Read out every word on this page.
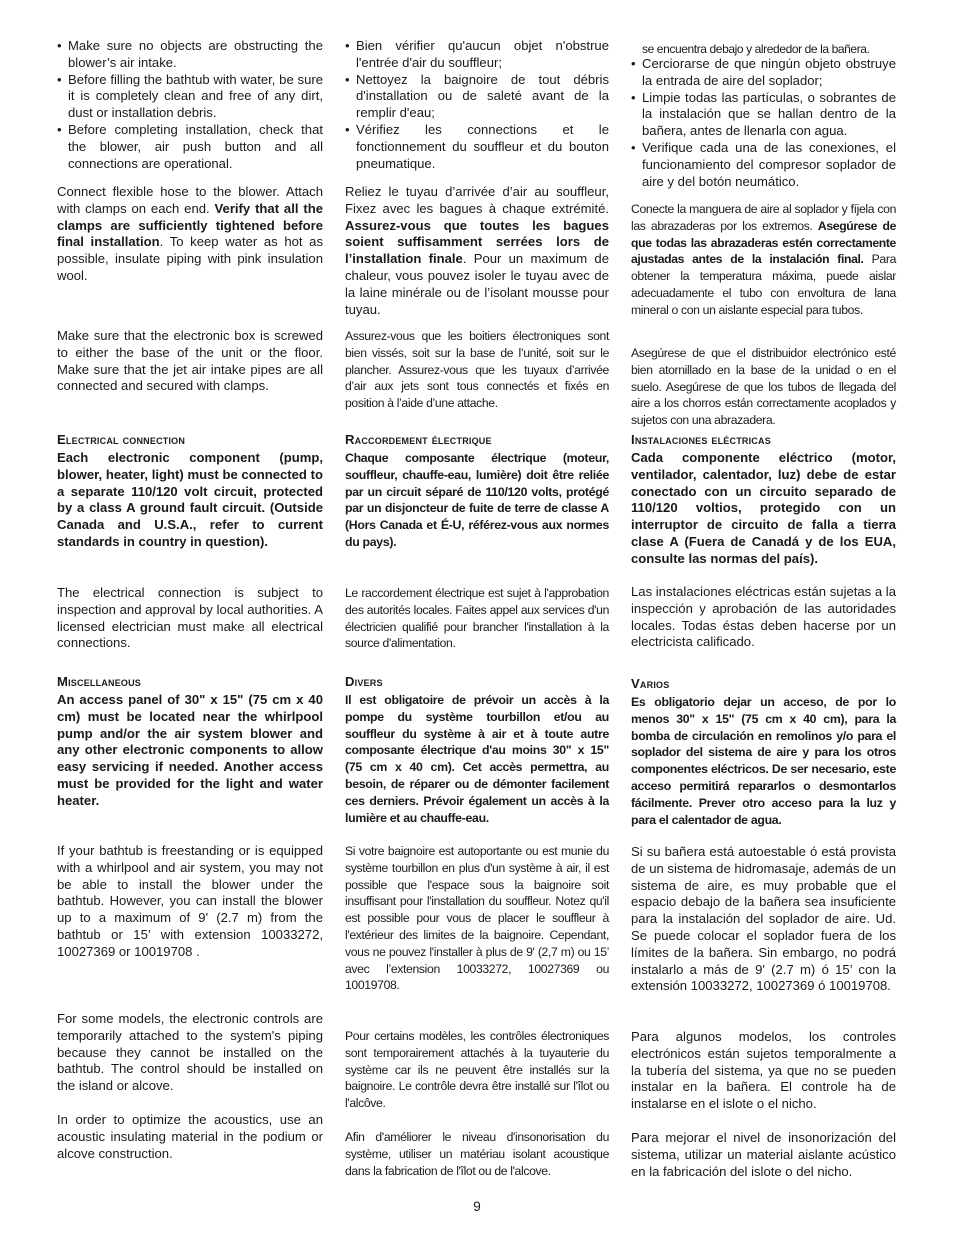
• Make sure no objects are obstructing the blower’s air intake.
• Before filling the bathtub with water, be sure it is completely clean and free of any dirt, dust or installation debris.
• Before completing installation, check that the blower, air push button and all connections are operational.

Connect flexible hose to the blower. Attach with clamps on each end. Verify that all the clamps are sufficiently tightened before final installation. To keep water as hot as possible, insulate piping with pink insulation wool.

Make sure that the electronic box is screwed to either the base of the unit or the floor. Make sure that the jet air intake pipes are all connected and secured with clamps.

Electrical connection

Each electronic component (pump, blower, heater, light) must be connected to a separate 110/120 volt circuit, protected by a class A ground fault circuit. (Outside Canada and U.S.A., refer to current standards in country in question).

The electrical connection is subject to inspection and approval by local authorities. A licensed electrician must make all electrical connections.

Miscellaneous

An access panel of 30" x 15" (75 cm x 40 cm) must be located near the whirlpool pump and/or the air system blower and any other electronic components to allow easy servicing if needed. Another access must be provided for the light and water heater.

If your bathtub is freestanding or is equipped with a whirlpool and air system, you may not be able to install the blower under the bathtub. However, you can install the blower up to a maximum of 9' (2.7 m) from the bathtub or 15’ with extension 10033272, 10027369 or 10019708 .

For some models, the electronic controls are temporarily attached to the system's piping because they cannot be installed on the bathtub. The control should be installed on the island or alcove.

In order to optimize the acoustics, use an acoustic insulating material in the podium or alcove construction.

• Bien vérifier qu'aucun objet n'obstrue l'entrée d'air du souffleur;
• Nettoyez la baignoire de tout débris d'installation ou de saleté avant de la remplir d'eau;
• Vérifiez les connections et le fonctionnement du souffleur et du bouton pneumatique.

Reliez le tuyau d’arrivée d’air au souffleur, Fixez avec les bagues à chaque extrémité. Assurez-vous que toutes les bagues soient suffisamment serrées lors de l’installation finale. Pour un maximum de chaleur, vous pouvez isoler le tuyau avec de la laine minérale ou de l’isolant mousse pour tuyau.

Assurez-vous que les boitiers électroniques sont bien vissés, soit sur la base de l’unité, soit sur le plancher. Assurez-vous que les tuyaux d’arrivée d’air aux jets sont tous connectés et fixés en position à l’aide d’une attache.

Raccordement électrique

Chaque composante électrique (moteur, souffleur, chauffe-eau, lumière) doit être reliée par un circuit séparé de 110/120 volts, protégé par un disjoncteur de fuite de terre de classe A (Hors Canada et É-U, référez-vous aux normes du pays).

Le raccordement électrique est sujet à l'approbation des autorités locales. Faites appel aux services d'un électricien qualifié pour brancher l'installation à la source d'alimentation.

Divers

Il est obligatoire de prévoir un accès à la pompe du système tourbillon et/ou au souffleur du système à air et à toute autre composante électrique d'au moins 30" x 15" (75 cm x 40 cm). Cet accès permettra, au besoin, de réparer ou de démonter facilement ces derniers. Prévoir également un accès à la lumière et au chauffe-eau.

Si votre baignoire est autoportante ou est munie du système tourbillon en plus d'un système à air, il est possible que l'espace sous la baignoire soit insuffisant pour l'installation du souffleur. Notez qu'il est possible pour vous de placer le souffleur à l'extérieur des limites de la baignoire. Cependant, vous ne pouvez l'installer à plus de 9' (2,7 m) ou 15’ avec l’extension 10033272, 10027369 ou 10019708.

Pour certains modèles, les contrôles électroniques sont temporairement attachés à la tuyauterie du système car ils ne peuvent être installés sur la baignoire. Le contrôle devra être installé sur l'îlot ou l'alcôve.

Afin d'améliorer le niveau d'insonorisation du système, utiliser un matériau isolant acoustique dans la fabrication de l'îlot ou de l'alcove.

se encuentra debajo y alrededor de la bañera.

• Cerciorarse de que ningún objeto obstruye la entrada de aire del soplador;
• Limpie todas las partículas, o sobrantes de la instalación que se hallan dentro de la bañera, antes de llenarla con agua.
• Verifique cada una de las conexiones, el funcionamiento del compresor soplador de aire y del botón neumático.

Conecte la manguera de aire al soplador y fíjela con las abrazaderas por los extremos. Asegúrese de que todas las abrazaderas estén correctamente ajustadas antes de la instalación final. Para obtener la temperatura máxima, puede aislar adecuadamente el tubo con envoltura de lana mineral o con un aislante especial para tubos.

Asegúrese de que el distribuidor electrónico esté bien atornillado en la base de la unidad o en el suelo. Asegúrese de que los tubos de llegada del aire a los chorros están correctamente acoplados y sujetos con una abrazadera.

Instalaciones eléctricas

Cada componente eléctrico (motor, ventilador, calentador, luz) debe de estar conectado con un circuito separado de 110/120 voltios, protegido con un interruptor de circuito de falla a tierra clase A (Fuera de Canadá y de los EUA, consulte las normas del país).

Las instalaciones eléctricas están sujetas a la inspección y aprobación de las autoridades locales. Todas éstas deben hacerse por un electricista calificado.

Varios

Es obligatorio dejar un acceso, de por lo menos 30" x 15" (75 cm x 40 cm), para la bomba de circulación en remolinos y/o para el soplador del sistema de aire y para los otros componentes eléctricos. De ser necesario, este acceso permitirá repararlos o desmontarlos fácilmente. Prever otro acceso para la luz y para el calentador de agua.

Si su bañera está autoestable ó está provista de un sistema de hidromasaje, además de un sistema de aire, es muy probable que el espacio debajo de la bañera sea insuficiente para la instalación del soplador de aire. Ud. Se puede colocar el soplador fuera de los límites de la bañera. Sin embargo, no podrá instalarlo a más de 9' (2.7 m) ó 15’ con la extensión 10033272, 10027369 ó 10019708.

Para algunos modelos, los controles electrónicos están sujetos temporalmente a la tubería del sistema, ya que no se pueden instalar en la bañera. El controle ha de instalarse en el islote o el nicho.

Para mejorar el nivel de insonorización del sistema, utilizar un material aislante acústico en la fabricación del islote o del nicho.

9
